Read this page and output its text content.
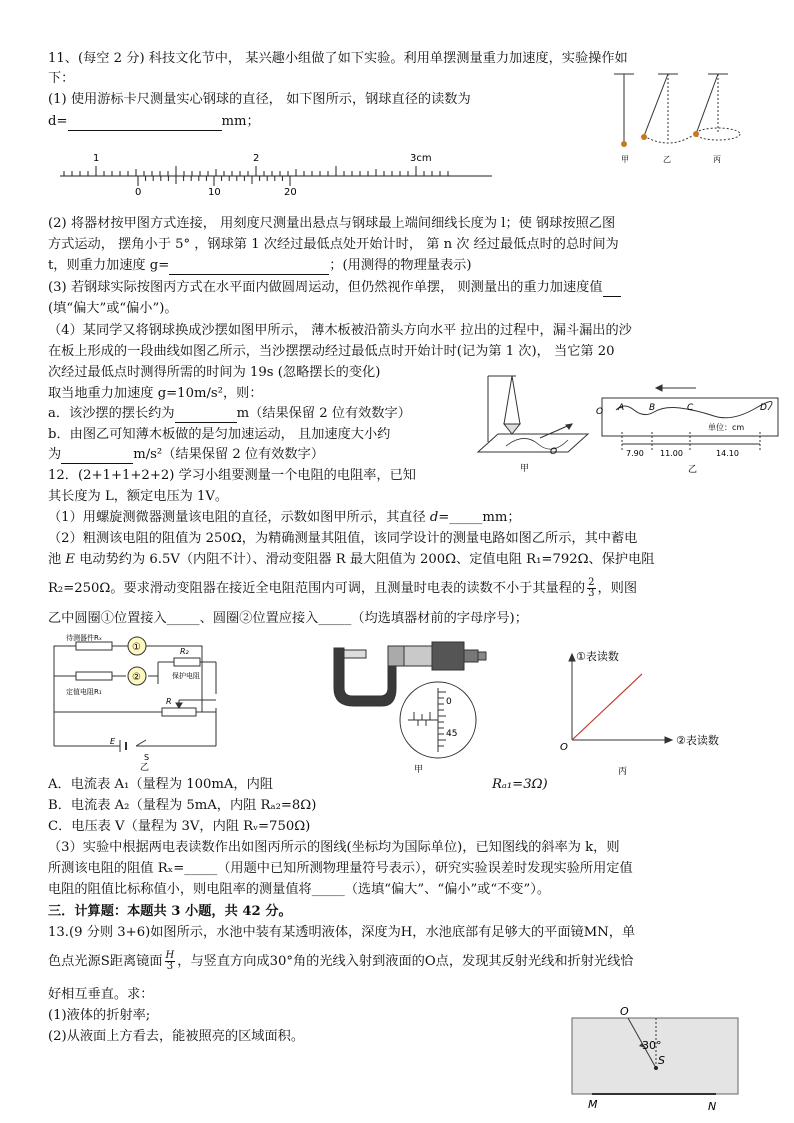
11、(每空 2 分) 科技文化节中， 某兴趣小组做了如下实验。利用单摆测量重力加速度，实验操作如
下：
(1) 使用游标卡尺测量实心钢球的直径， 如下图所示，钢球直径的读数为
d=	mm；
1	2	3cm
0	10	20
甲	乙	丙
(2) 将器材按甲图方式连接， 用刻度尺测量出悬点与钢球最上端间细线长度为 l；使 钢球按照乙图
方式运动， 摆角小于 5° ，钢球第 1 次经过最低点处开始计时， 第 n 次 经过最低点时的总时间为
t，则重力加速度 g=	；(用测得的物理量表示)
(3) 若钢球实际按图丙方式在水平面内做圆周运动，但仍然视作单摆， 则测量出的重力加速度值
(填“偏大”或“偏小”)。
（4）某同学又将钢球换成沙摆如图甲所示， 薄木板被沿箭头方向水平 拉出的过程中，漏斗漏出的沙
在板上形成的一段曲线如图乙所示，当沙摆摆动经过最低点时开始计时(记为第 1 次)， 当它第 20
次经过最低点时测得所需的时间为 19s (忽略摆长的变化)
取当地重力加速度 g=10m/s²，则：
a．该沙摆的摆长约为	m（结果保留 2 位有效数字）
b．由图乙可知薄木板做的是匀加速运动， 且加速度大小约
为	m/s²（结果保留 2 位有效数字）	O
甲
O A	B	C	D
单位：cm
7.90 11.00	14.10
乙
12．(2+1+1+2+2) 学习小组要测量一个电阻的电阻率，已知
其长度为 L，额定电压为 1V。
（1）用螺旋测微器测量该电阻的直径，示数如图甲所示，其直径 d=_____mm；
（2）粗测该电阻的阻值为 250Ω，为精确测量其阻值，该同学设计的测量电路如图乙所示，其中蓄电
池 E 电动势约为 6.5V（内阻不计）、滑动变阻器 R 最大阻值为 200Ω、定值电阻 R₁=792Ω、保护电阻
R₂=250Ω。要求滑动变阻器在接近全电阻范围内可调，且测量时电表的读数不小于其量程的 $\frac{2}{3}$ ，则图
乙中圆圈①位置接入_____、圆圈②位置应接入_____（均选填器材前的字母序号)；
①
②
待测器件Rₓ
定值电阻R₁
R₂
保护电阻
R
E
S
乙
0
45
甲
①表读数
②表读数
O
丙
A．电流表 A₁（量程为 100mA，内阻	Rₐ₁=3Ω)
B．电流表 A₂（量程为 5mA，内阻 Rₐ₂=8Ω)
C．电压表 V（量程为 3V，内阻 Rᵥ=750Ω)
（3）实验中根据两电表读数作出如图丙所示的图线(坐标均为国际单位)，已知图线的斜率为 k，则
所测该电阻的阻值 Rₓ=_____（用题中已知所测物理量符号表示），研究实验误差时发现实验所用定值
电阻的阻值比标称值小，则电阻率的测量值将_____（选填“偏大”、“偏小”或“不变”）。
三．计算题：本题共 3 小题，共 42 分。
13.(9 分则 3+6)如图所示，水池中装有某透明液体，深度为H，水池底部有足够大的平面镜MN，单
色点光源S距离镜面 $\frac{H}{3}$ ，与竖直方向成30°角的光线入射到液面的O点，发现其反射光线和折射光线恰
好相互垂直。求：
(1)液体的折射率;
(2)从液面上方看去，能被照亮的区域面积。
O
30°
S
M	N
